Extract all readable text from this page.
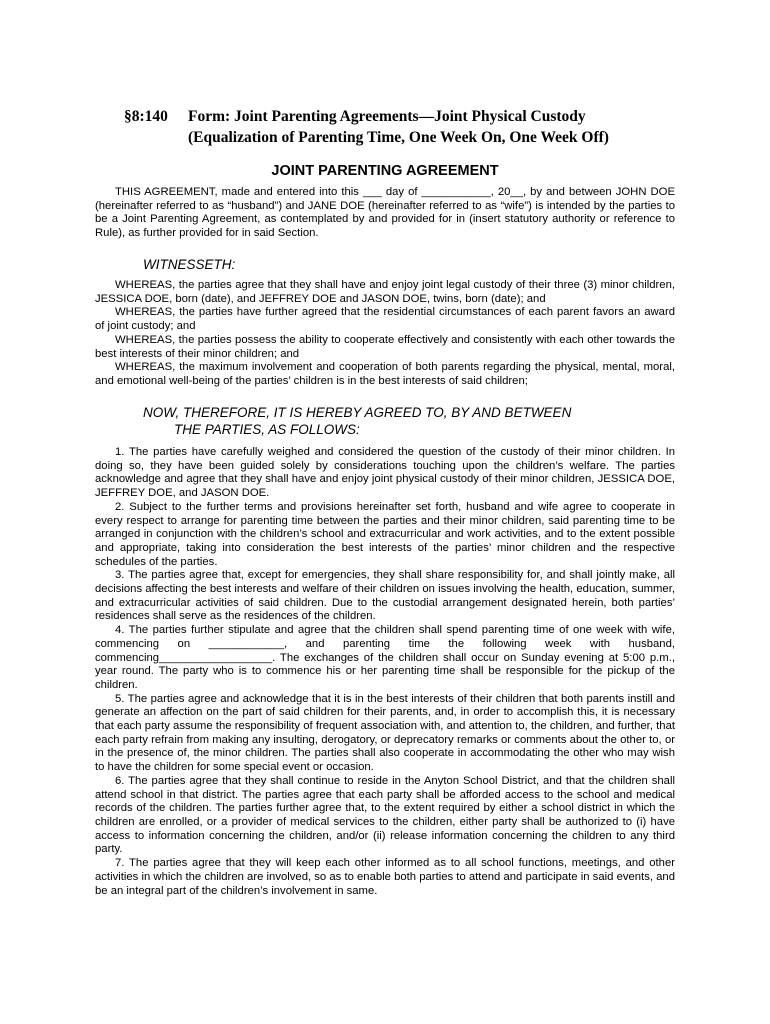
§8:140 Form: Joint Parenting Agreements—Joint Physical Custody
(Equalization of Parenting Time, One Week On, One Week Off)
JOINT PARENTING AGREEMENT

THIS AGREEMENT, made and entered into this ___ day of ___________, 20__, by and between JOHN DOE (hereinafter referred to as “husband”) and JANE DOE (hereinafter referred to as “wife”) is intended by the parties to be a Joint Parenting Agreement, as contemplated by and provided for in (insert statutory authority or reference to Rule), as further provided for in said Section.

WITNESSETH:

WHEREAS, the parties agree that they shall have and enjoy joint legal custody of their three (3) minor children, JESSICA DOE, born (date), and JEFFREY DOE and JASON DOE, twins, born (date); and

WHEREAS, the parties have further agreed that the residential circumstances of each parent favors an award of joint custody; and

WHEREAS, the parties possess the ability to cooperate effectively and consistently with each other towards the best interests of their minor children; and

WHEREAS, the maximum involvement and cooperation of both parents regarding the physical, mental, moral, and emotional well-being of the parties’ children is in the best interests of said children;

NOW, THEREFORE, IT IS HEREBY AGREED TO, BY AND BETWEEN
THE PARTIES, AS FOLLOWS:

1. The parties have carefully weighed and considered the question of the custody of their minor children. In doing so, they have been guided solely by considerations touching upon the children’s welfare. The parties acknowledge and agree that they shall have and enjoy joint physical custody of their minor children, JESSICA DOE, JEFFREY DOE, and JASON DOE.

2. Subject to the further terms and provisions hereinafter set forth, husband and wife agree to cooperate in every respect to arrange for parenting time between the parties and their minor children, said parenting time to be arranged in conjunction with the children’s school and extracurricular and work activities, and to the extent possible and appropriate, taking into consideration the best interests of the parties’ minor children and the respective schedules of the parties.

3. The parties agree that, except for emergencies, they shall share responsibility for, and shall jointly make, all decisions affecting the best interests and welfare of their children on issues involving the health, education, summer, and extracurricular activities of said children. Due to the custodial arrangement designated herein, both parties’ residences shall serve as the residences of the children.

4. The parties further stipulate and agree that the children shall spend parenting time of one week with wife, commencing on ____________, and parenting time the following week with husband, commencing__________________. The exchanges of the children shall occur on Sunday evening at 5:00 p.m., year round. The party who is to commence his or her parenting time shall be responsible for the pickup of the children.

5. The parties agree and acknowledge that it is in the best interests of their children that both parents instill and generate an affection on the part of said children for their parents, and, in order to accomplish this, it is necessary that each party assume the responsibility of frequent association with, and attention to, the children, and further, that each party refrain from making any insulting, derogatory, or deprecatory remarks or comments about the other to, or in the presence of, the minor children. The parties shall also cooperate in accommodating the other who may wish to have the children for some special event or occasion.

6. The parties agree that they shall continue to reside in the Anyton School District, and that the children shall attend school in that district. The parties agree that each party shall be afforded access to the school and medical records of the children. The parties further agree that, to the extent required by either a school district in which the children are enrolled, or a provider of medical services to the children, either party shall be authorized to (i) have access to information concerning the children, and/or (ii) release information concerning the children to any third party.

7. The parties agree that they will keep each other informed as to all school functions, meetings, and other activities in which the children are involved, so as to enable both parties to attend and participate in said events, and be an integral part of the children’s involvement in same.
